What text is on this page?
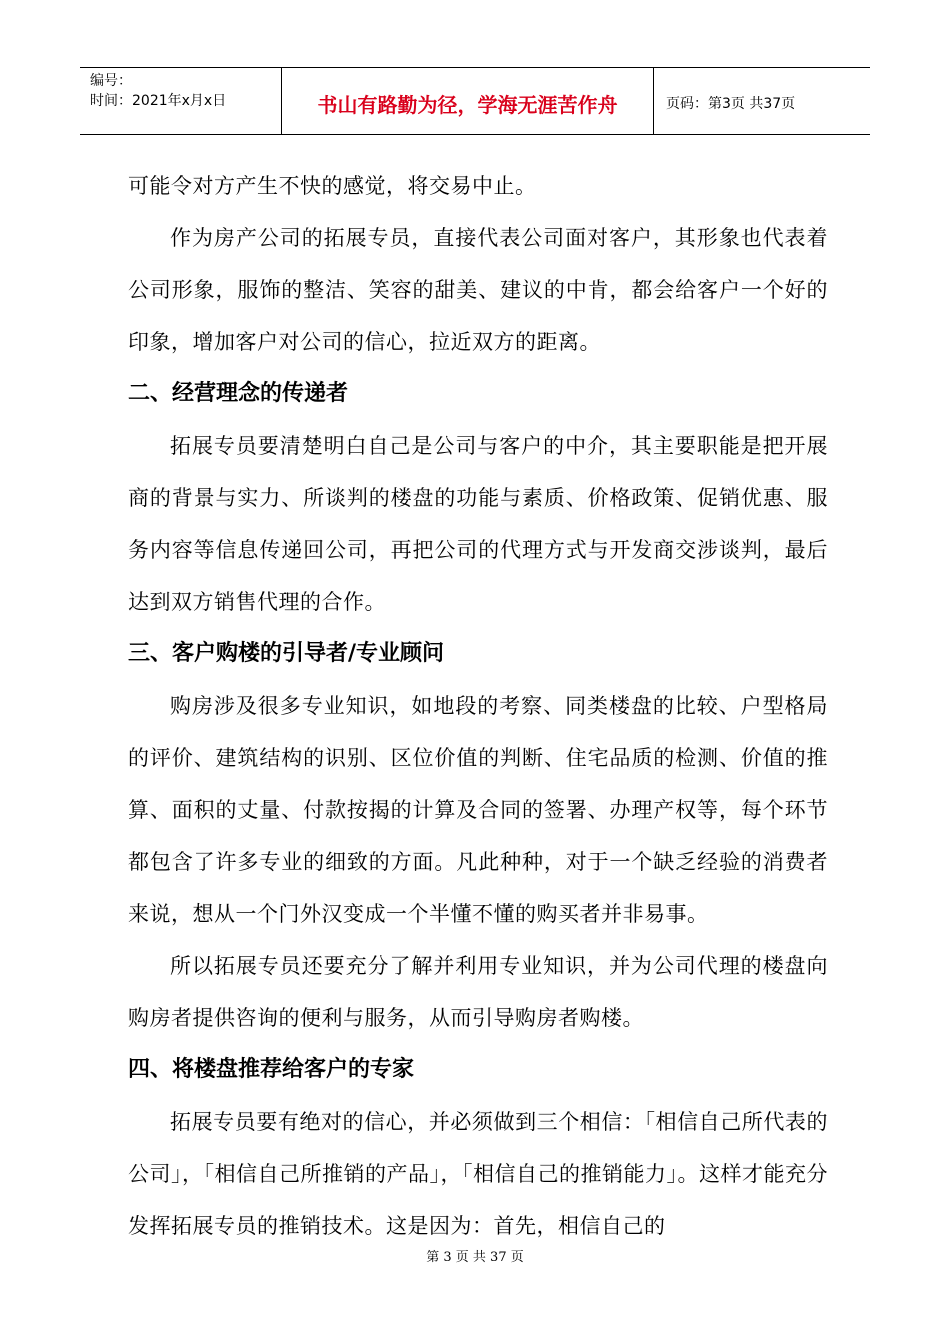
编号：
时间：2021年x月x日	书山有路勤为径，学海无涯苦作舟	页码：第3页 共37页

可能令对方产生不快的感觉，将交易中止。

作为房产公司的拓展专员，直接代表公司面对客户，其形象也代表着公司形象，服饰的整洁、笑容的甜美、建议的中肯，都会给客户一个好的印象，增加客户对公司的信心，拉近双方的距离。

二、经营理念的传递者

拓展专员要清楚明白自己是公司与客户的中介，其主要职能是把开展商的背景与实力、所谈判的楼盘的功能与素质、价格政策、促销优惠、服务内容等信息传递回公司，再把公司的代理方式与开发商交涉谈判，最后达到双方销售代理的合作。

三、客户购楼的引导者/专业顾问

购房涉及很多专业知识，如地段的考察、同类楼盘的比较、户型格局的评价、建筑结构的识别、区位价值的判断、住宅品质的检测、价值的推算、面积的丈量、付款按揭的计算及合同的签署、办理产权等，每个环节都包含了许多专业的细致的方面。凡此种种，对于一个缺乏经验的消费者来说，想从一个门外汉变成一个半懂不懂的购买者并非易事。

所以拓展专员还要充分了解并利用专业知识，并为公司代理的楼盘向购房者提供咨询的便利与服务，从而引导购房者购楼。

四、将楼盘推荐给客户的专家

拓展专员要有绝对的信心，并必须做到三个相信：「相信自己所代表的公司」，「相信自己所推销的产品」，「相信自己的推销能力」。这样才能充分发挥拓展专员的推销技术。这是因为：首先，相信自己的

第 3 页 共 37 页
